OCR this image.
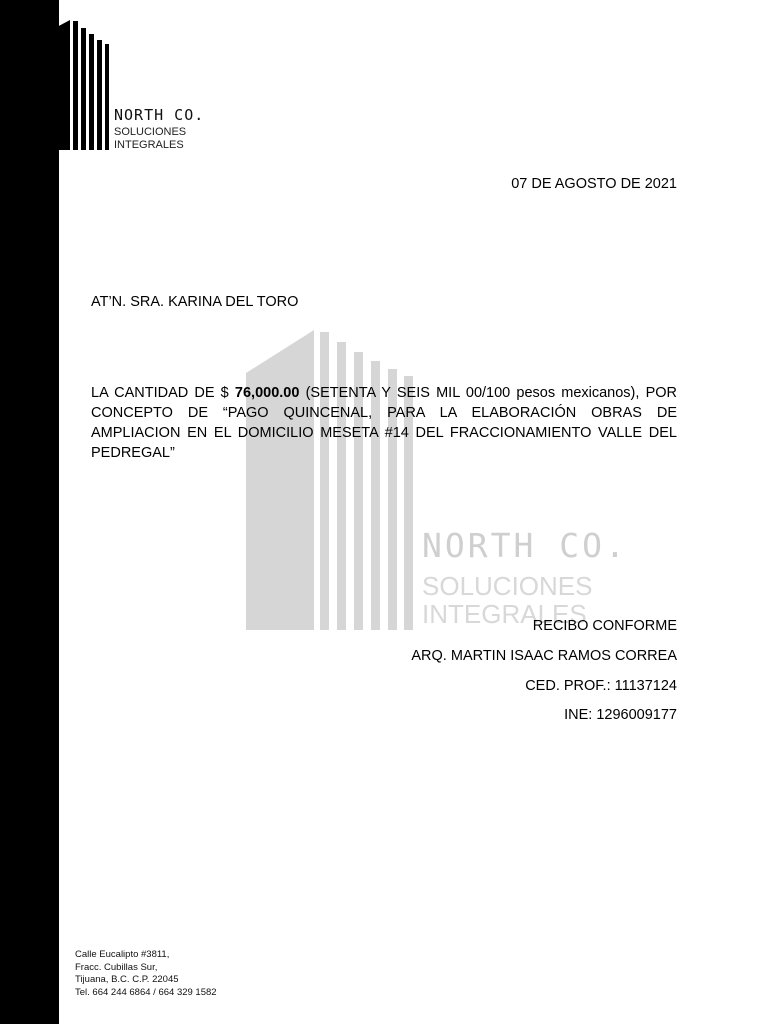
NORTH CO.
SOLUCIONES
INTEGRALES
NORTH CO.
SOLUCIONES
INTEGRALES
07 DE AGOSTO DE 2021
AT’N. SRA. KARINA DEL TORO
LA CANTIDAD DE $ 76,000.00 (SETENTA Y SEIS MIL 00/100 pesos mexicanos), POR CONCEPTO DE “PAGO QUINCENAL, PARA LA ELABORACIÓN OBRAS DE AMPLIACION EN EL DOMICILIO MESETA #14 DEL FRACCIONAMIENTO VALLE DEL PEDREGAL”
RECIBO CONFORME
ARQ. MARTIN ISAAC RAMOS CORREA
CED. PROF.: 11137124
INE: 1296009177
Calle Eucalipto #3811,
Fracc. Cubillas Sur,
Tijuana, B.C. C.P. 22045
Tel. 664 244 6864 / 664 329 1582
